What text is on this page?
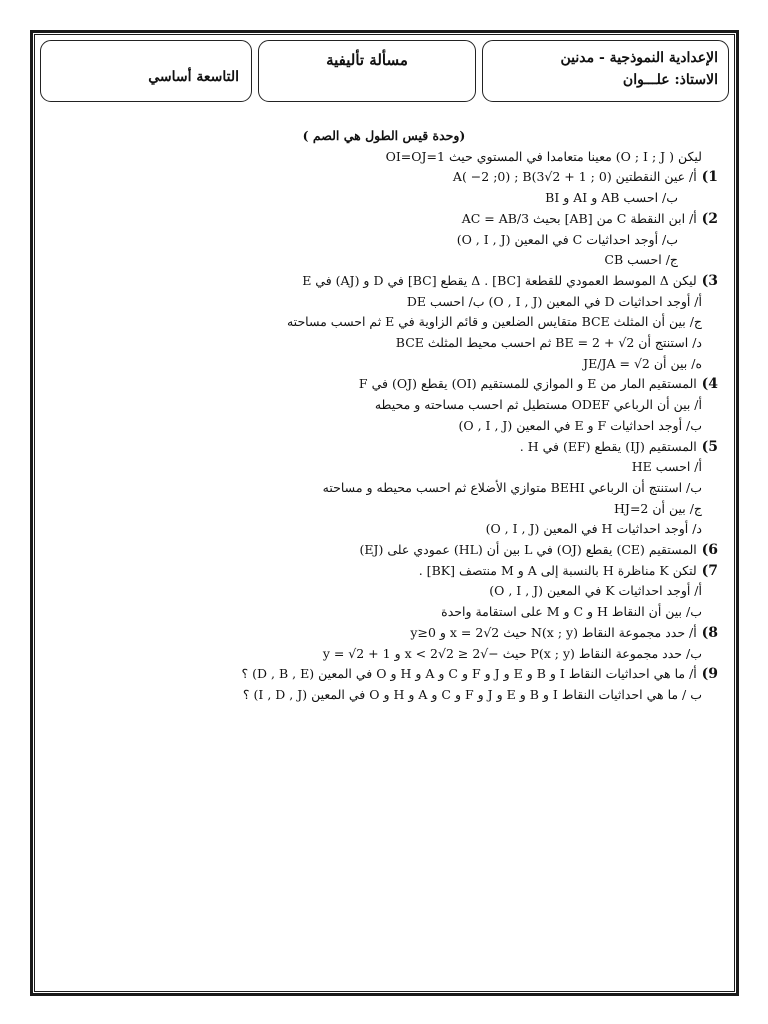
الإعدادية النموذجية - مدنين
الاستاذ: علـــوان
مسألة تأليفية
التاسعة أساسي
(وحدة قيس الطول هي الصم )
ليكن ( O ; I ; J) معينا متعامدا في المستوي حيث OI=OJ=1
1) أ/ عين النقطتين A( −2 ;0) ; B(3√2 + 1 ; 0)
ب/ احسب AB و AI و BI
2) أ/ ابن النقطة C من [AB] بحيث AC = AB/3
ب/ أوجد احداثيات C في المعين (O , I , J)
ج/ احسب CB
3) ليكن Δ الموسط العمودي للقطعة [BC] . Δ يقطع [BC] في D و (AJ) في E
أ/ أوجد احداثيات D في المعين (O , I , J) ب/ احسب DE
ج/ بين أن المثلث BCE متقايس الضلعين و قائم الزاوية في E ثم احسب مساحته
د/ استنتج أن BE = 2 + √2 ثم احسب محيط المثلث BCE
ه/ بين أن JE/JA = √2
4) المستقيم المار من E و الموازي للمستقيم (OI) يقطع (OJ) في F
أ/ بين أن الرباعي ODEF مستطيل ثم احسب مساحته و محيطه
ب/ أوجد احداثيات F و E في المعين (O , I , J)
5) المستقيم (IJ) يقطع (EF) في H .
أ/ احسب HE
ب/ استنتج أن الرباعي BEHI متوازي الأضلاع ثم احسب محيطه و مساحته
ج/ بين أن HJ=2
د/ أوجد احداثيات H في المعين (O , I , J)
6) المستقيم (CE) يقطع (OJ) في L بين أن (HL) عمودي على (EJ)
7) لتكن K مناظرة H بالنسبة إلى A و M منتصف [BK] .
أ/ أوجد احداثيات K في المعين (O , I , J)
ب/ بين أن النقاط H و C و M على استقامة واحدة
8) أ/ حدد مجموعة النقاط N(x ; y) حيث x = 2√2 و y≥0
ب/ حدد مجموعة النقاط P(x ; y) حيث −√2 ≤ x < 2√2 و y = √2 + 1
9) أ/ ما هي احداثيات النقاط I و B و E و J و F و C و A و H و O في المعين (D , B , E) ؟
ب / ما هي احداثيات النقاط I و B و E و J و F و C و A و H و O في المعين (I , D , J) ؟
